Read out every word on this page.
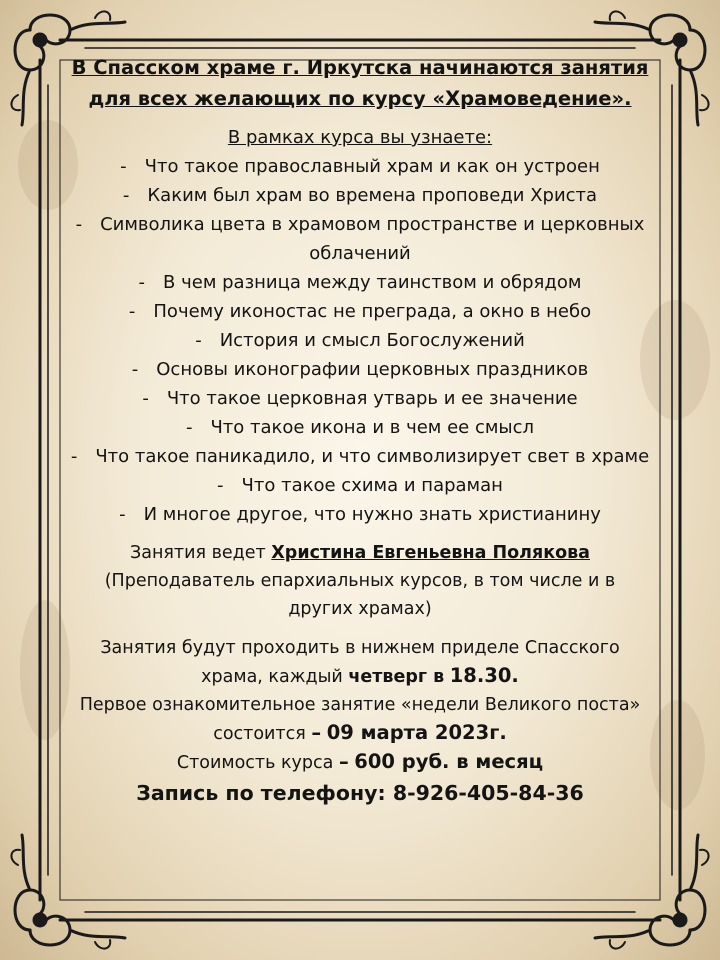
В Спасском храме г. Иркутска начинаются занятия для всех желающих по курсу «Храмоведение».

В рамках курса вы узнаете:
- Что такое православный храм и как он устроен
- Каким был храм во времена проповеди Христа
- Символика цвета в храмовом пространстве и церковных облачений
- В чем разница между таинством и обрядом
- Почему иконостас не преграда, а окно в небо
- История и смысл Богослужений
- Основы иконографии церковных праздников
- Что такое церковная утварь и ее значение
- Что такое икона и в чем ее смысл
- Что такое паникадило, и что символизирует свет в храме
- Что такое схима и параман
- И многое другое, что нужно знать христианину
Занятия ведет Христина Евгеньевна Полякова
(Преподаватель епархиальных курсов, в том числе и в других храмах)
Занятия будут проходить в нижнем приделе Спасского храма, каждый четверг в 18.30.
Первое ознакомительное занятие «недели Великого поста» состоится – 09 марта 2023г.
Стоимость курса – 600 руб. в месяц
Запись по телефону: 8-926-405-84-36
